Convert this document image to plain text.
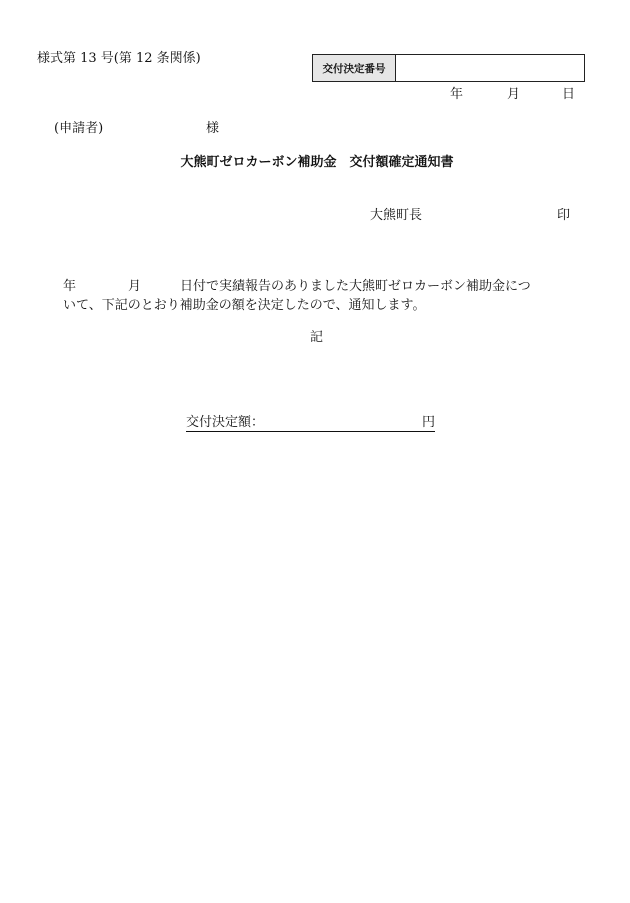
様式第 13 号(第 12 条関係)
交付決定番号
年	月	日
(申請者)	様
大熊町ゼロカーボン補助金　交付額確定通知書
大熊町長	印
年　　　　月　　　日付で実績報告のありました大熊町ゼロカーボン補助金につ
いて、下記のとおり補助金の額を決定したので、通知します。
記
交付決定額：	円
